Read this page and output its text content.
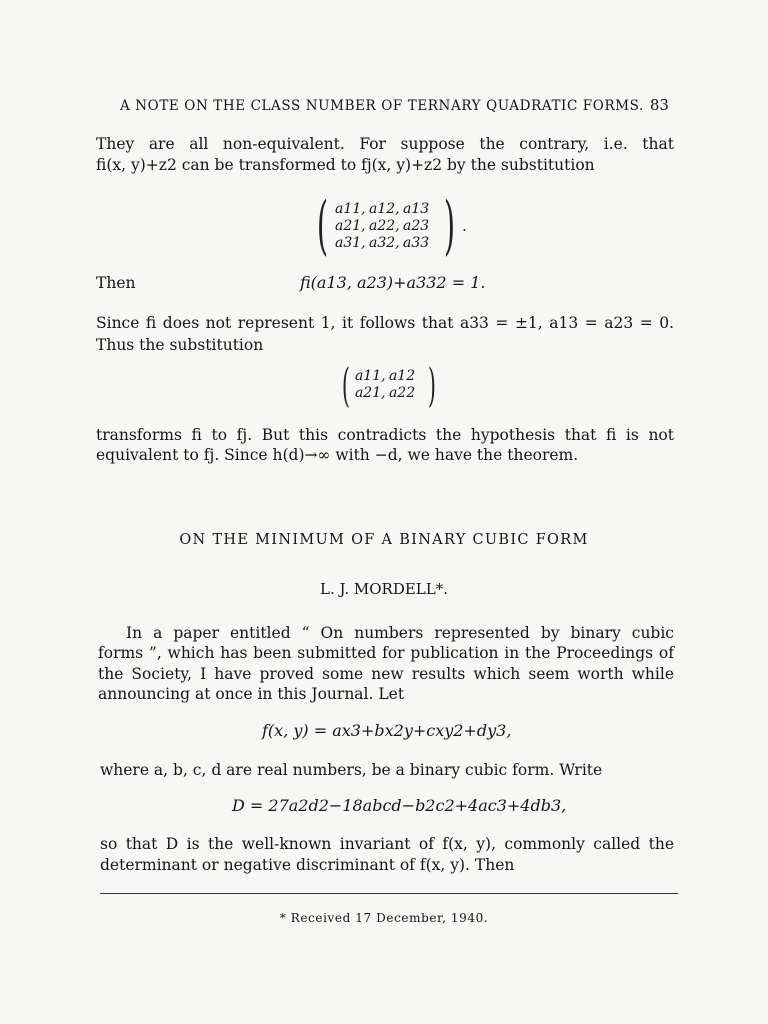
A NOTE ON THE CLASS NUMBER OF TERNARY QUADRATIC FORMS. 83
They are all non-equivalent. For suppose the contrary, i.e. that
fi(x, y)+z2 can be transformed to fj(x, y)+z2 by the substitution
( a11, a12, a13
a21, a22, a23
a31, a32, a33 ) .
Then	fi(a13, a23)+a332 = 1.
Since fi does not represent 1, it follows that a33 = ±1, a13 = a23 = 0.
Thus the substitution
( a11, a12
a21, a22 )
transforms fi to fj. But this contradicts the hypothesis that fi is not
equivalent to fj. Since h(d)→∞ with −d, we have the theorem.
ON THE MINIMUM OF A BINARY CUBIC FORM
L. J. MORDELL*.
In a paper entitled “ On numbers represented by binary cubic
forms ”, which has been submitted for publication in the Proceedings of
the Society, I have proved some new results which seem worth while
announcing at once in this Journal. Let
f(x, y) = ax3+bx2y+cxy2+dy3,
where a, b, c, d are real numbers, be a binary cubic form. Write
D = 27a2d2−18abcd−b2c2+4ac3+4db3,
so that D is the well-known invariant of f(x, y), commonly called the
determinant or negative discriminant of f(x, y). Then
* Received 17 December, 1940.
